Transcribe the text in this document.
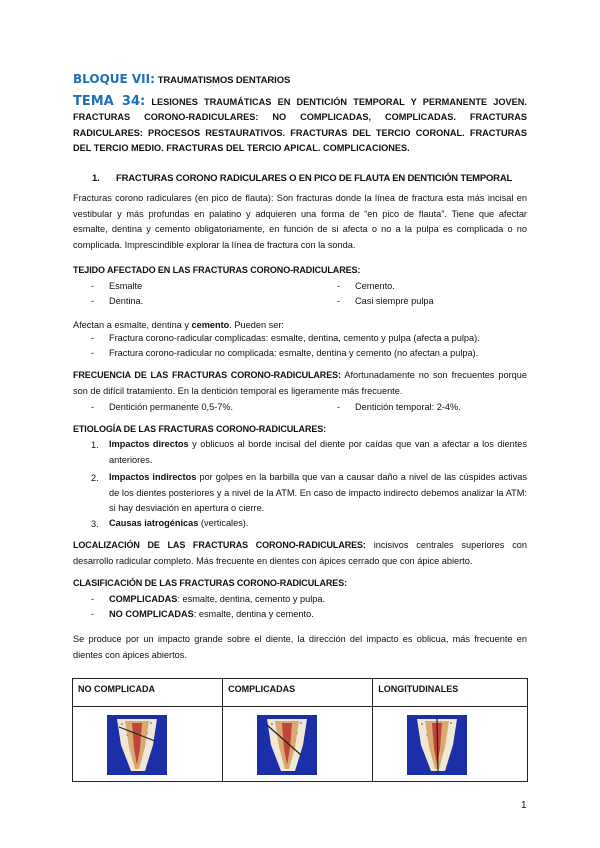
BLOQUE VII: TRAUMATISMOS DENTARIOS
TEMA 34: LESIONES TRAUMÁTICAS EN DENTICIÓN TEMPORAL Y PERMANENTE JOVEN. FRACTURAS CORONO-RADICULARES: NO COMPLICADAS, COMPLICADAS. FRACTURAS RADICULARES: PROCESOS RESTAURATIVOS. FRACTURAS DEL TERCIO CORONAL. FRACTURAS DEL TERCIO MEDIO. FRACTURAS DEL TERCIO APICAL. COMPLICACIONES.
1. FRACTURAS CORONO RADICULARES O EN PICO DE FLAUTA EN DENTICIÓN TEMPORAL
Fracturas corono radiculares (en pico de flauta): Son fracturas donde la línea de fractura esta más incisal en vestibular y más profundas en palatino y adquieren una forma de “en pico de flauta”. Tiene que afectar esmalte, dentina y cemento obligatoriamente, en función de si afecta o no a la pulpa es complicada o no complicada. Imprescindible explorar la línea de fractura con la sonda.
TEJIDO AFECTADO EN LAS FRACTURAS CORONO-RADICULARES:
- Esmalte	- Cemento.
- Dentina.	- Casi siempre pulpa
Afectan a esmalte, dentina y cemento. Pueden ser:
- Fractura corono-radicular complicadas: esmalte, dentina, cemento y pulpa (afecta a pulpa).
- Fractura corono-radicular no complicada: esmalte, dentina y cemento (no afectan a pulpa).
FRECUENCIA DE LAS FRACTURAS CORONO-RADICULARES: Afortunadamente no son frecuentes porque son de difícil tratamiento. En la dentición temporal es ligeramente más frecuente.
- Dentición permanente 0,5-7%.	- Dentición temporal: 2-4%.
ETIOLOGÍA DE LAS FRACTURAS CORONO-RADICULARES:
1. Impactos directos y oblicuos al borde incisal del diente por caídas que van a afectar a los dientes anteriores.
2. Impactos indirectos por golpes en la barbilla que van a causar daño a nivel de las cúspides activas de los dientes posteriores y a nivel de la ATM. En caso de impacto indirecto debemos analizar la ATM: si hay desviación en apertura o cierre.
3. Causas iatrogénicas (verticales).
LOCALIZACIÓN DE LAS FRACTURAS CORONO-RADICULARES: incisivos centrales superiores con desarrollo radicular completo. Más frecuente en dientes con ápices cerrado que con ápice abierto.
CLASIFICACIÓN DE LAS FRACTURAS CORONO-RADICULARES:
- COMPLICADAS: esmalte, dentina, cemento y pulpa.
- NO COMPLICADAS: esmalte, dentina y cemento.
Se produce por un impacto grande sobre el diente, la dirección del impacto es oblicua, más frecuente en dientes con ápices abiertos.
NO COMPLICADA	COMPLICADAS	LONGITUDINALES

1
